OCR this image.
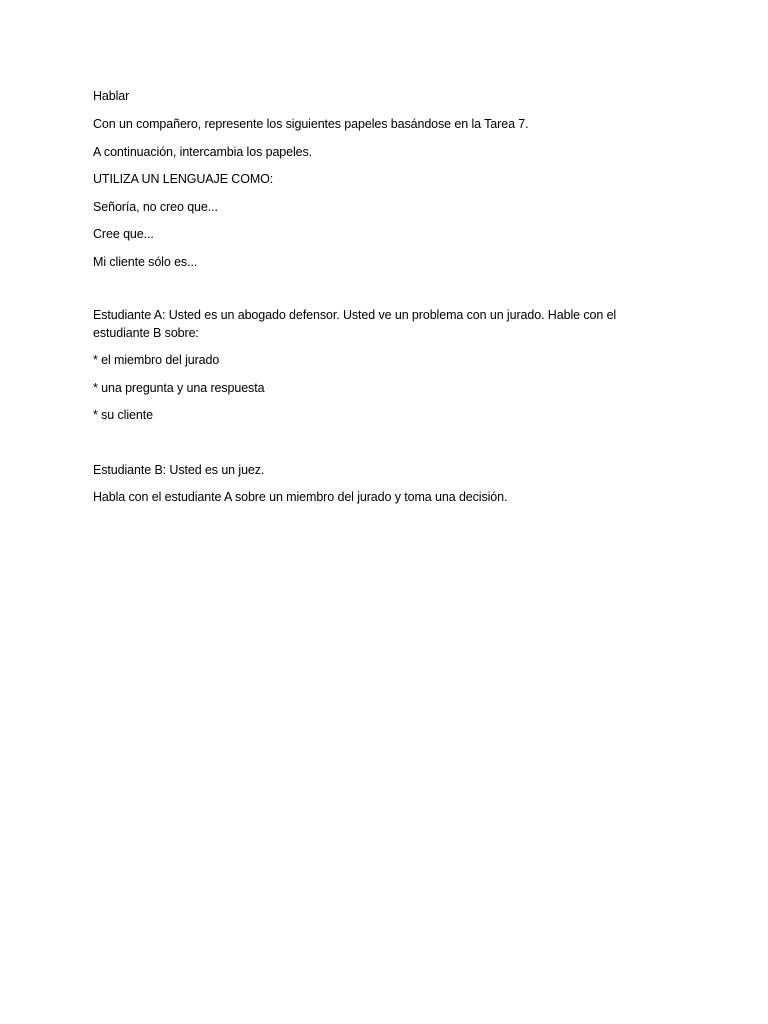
Hablar

Con un compañero, represente los siguientes papeles basándose en la Tarea 7.

A continuación, intercambia los papeles.

UTILIZA UN LENGUAJE COMO:

Señoría, no creo que...

Cree que...

Mi cliente sólo es...

Estudiante A: Usted es un abogado defensor. Usted ve un problema con un jurado. Hable con el estudiante B sobre:

* el miembro del jurado

* una pregunta y una respuesta

* su cliente

Estudiante B: Usted es un juez.

Habla con el estudiante A sobre un miembro del jurado y toma una decisión.
